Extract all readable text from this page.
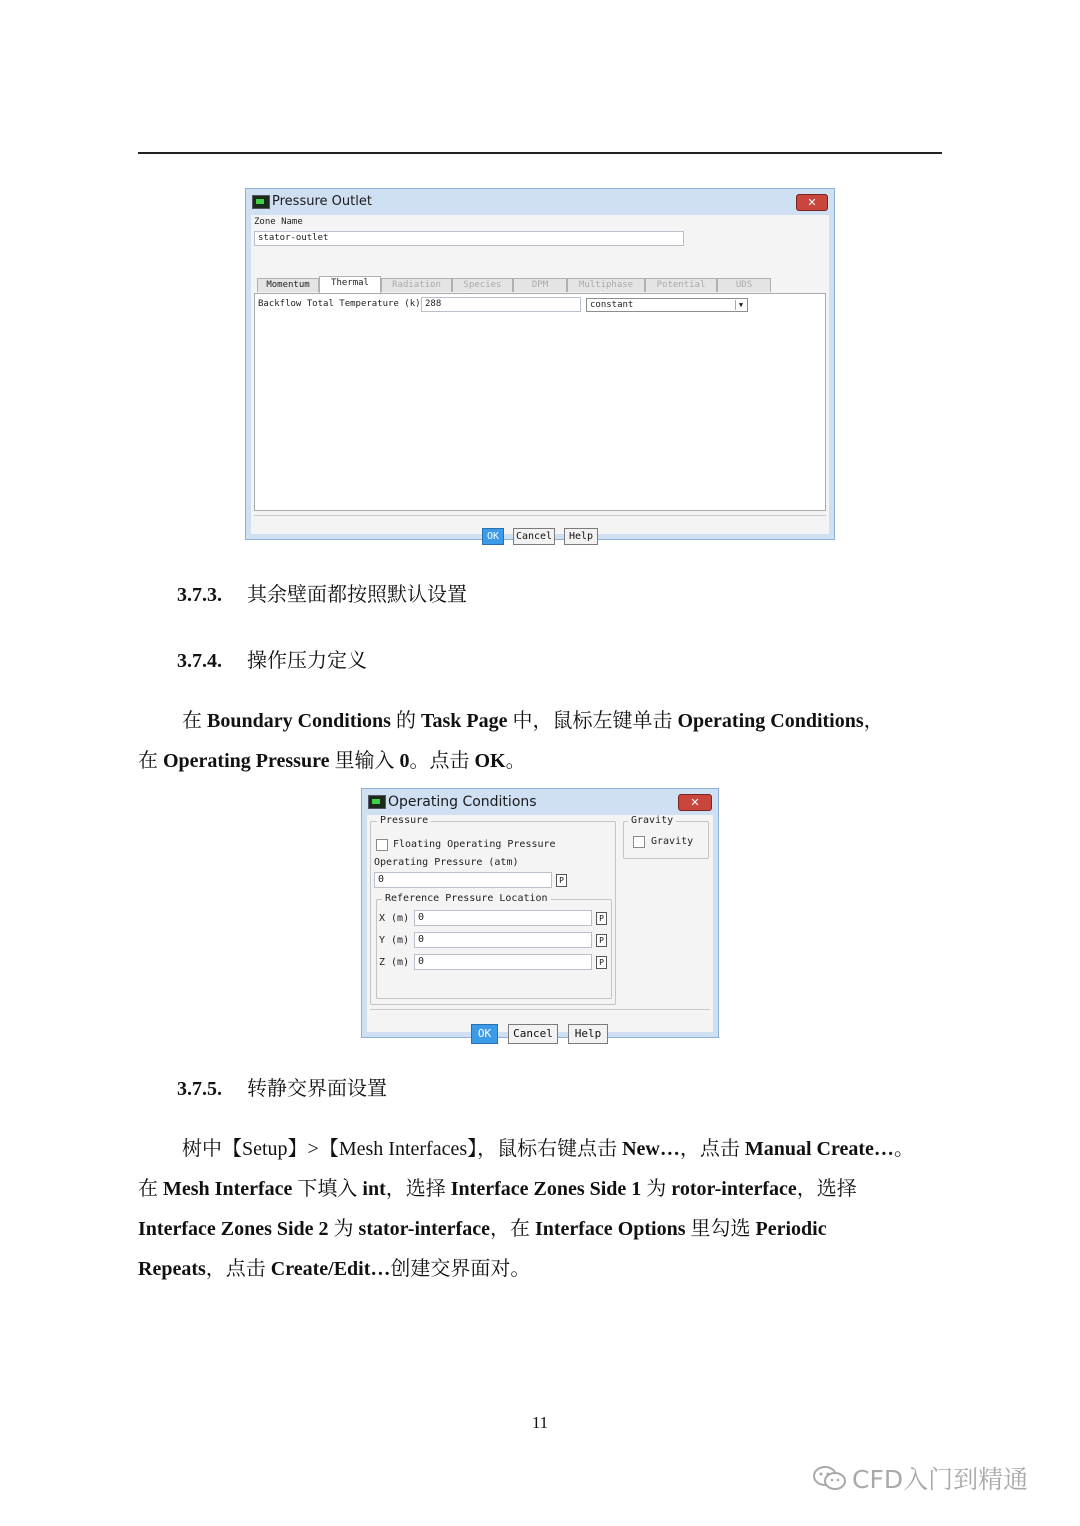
Pressure Outlet	✕
Zone Name
stator-outlet
Momentum	Thermal	Radiation	Species	DPM	Multiphase	Potential	UDS
Backflow Total Temperature (k) 288	constant	▼
OK	Cancel	Help
3.7.3. 其余壁面都按照默认设置
3.7.4. 操作压力定义
在 Boundary Conditions 的 Task Page 中，鼠标左键单击 Operating Conditions，
在 Operating Pressure 里输入 0。点击 OK。
Operating Conditions	✕
Pressure
Floating Operating Pressure
Operating Pressure (atm)
0	P
Reference Pressure Location
X (m) 0	P
Y (m) 0	P
Z (m) 0	P
Gravity
Gravity
OK	Cancel	Help
3.7.5. 转静交界面设置
树中【Setup】>【Mesh Interfaces】，鼠标右键点击 New…，点击 Manual Create…。
在 Mesh Interface 下填入 int，选择 Interface Zones Side 1 为 rotor-interface，选择
Interface Zones Side 2 为 stator-interface，在 Interface Options 里勾选 Periodic
Repeats，点击 Create/Edit…创建交界面对。
11
CFD入门到精通
